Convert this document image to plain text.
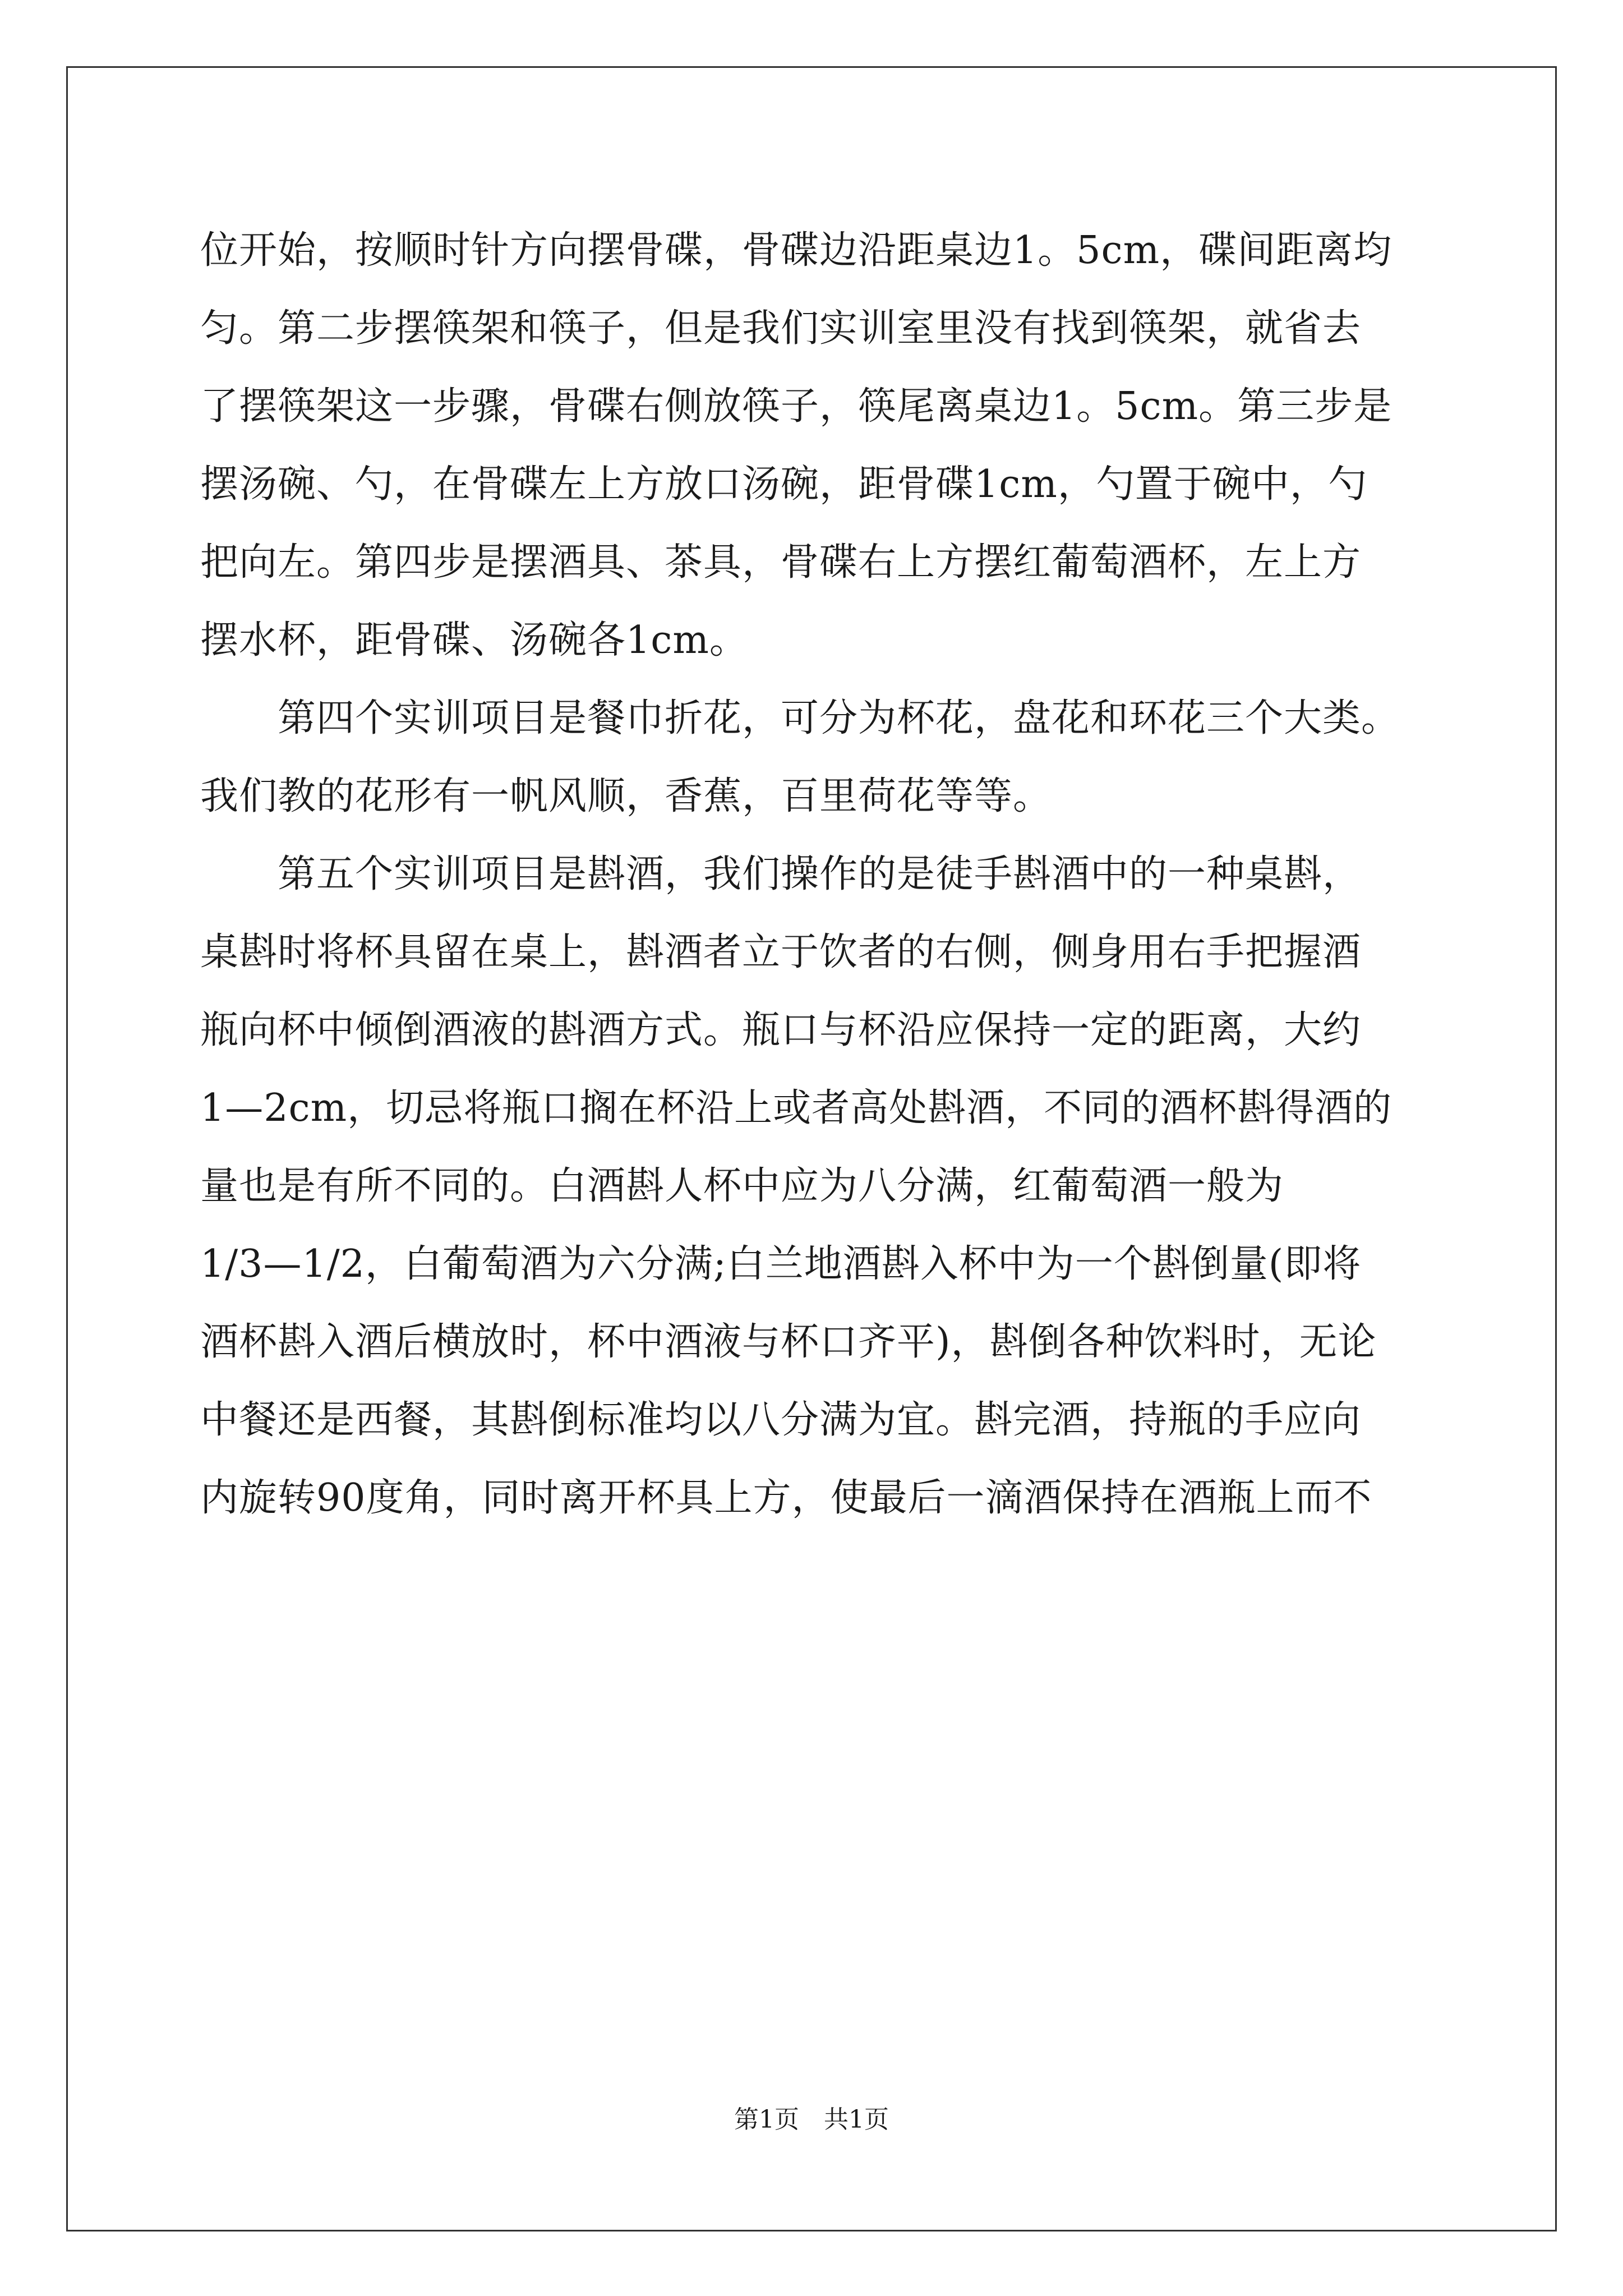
位开始，按顺时针方向摆骨碟，骨碟边沿距桌边1。5cm，碟间距离均
匀。第二步摆筷架和筷子，但是我们实训室里没有找到筷架，就省去
了摆筷架这一步骤，骨碟右侧放筷子，筷尾离桌边1。5cm。第三步是
摆汤碗、勺，在骨碟左上方放口汤碗，距骨碟1cm，勺置于碗中，勺
把向左。第四步是摆酒具、茶具，骨碟右上方摆红葡萄酒杯，左上方
摆水杯，距骨碟、汤碗各1cm。
　　第四个实训项目是餐巾折花，可分为杯花，盘花和环花三个大类。
我们教的花形有一帆风顺，香蕉，百里荷花等等。
　　第五个实训项目是斟酒，我们操作的是徒手斟酒中的一种桌斟，
桌斟时将杯具留在桌上，斟酒者立于饮者的右侧，侧身用右手把握酒
瓶向杯中倾倒酒液的斟酒方式。瓶口与杯沿应保持一定的距离，大约
1—2cm，切忌将瓶口搁在杯沿上或者高处斟酒，不同的酒杯斟得酒的
量也是有所不同的。白酒斟人杯中应为八分满，红葡萄酒一般为
1/3—1/2，白葡萄酒为六分满;白兰地酒斟入杯中为一个斟倒量(即将
酒杯斟入酒后横放时，杯中酒液与杯口齐平)，斟倒各种饮料时，无论
中餐还是西餐，其斟倒标准均以八分满为宜。斟完酒，持瓶的手应向
内旋转90度角，同时离开杯具上方，使最后一滴酒保持在酒瓶上而不
第1页　共1页
